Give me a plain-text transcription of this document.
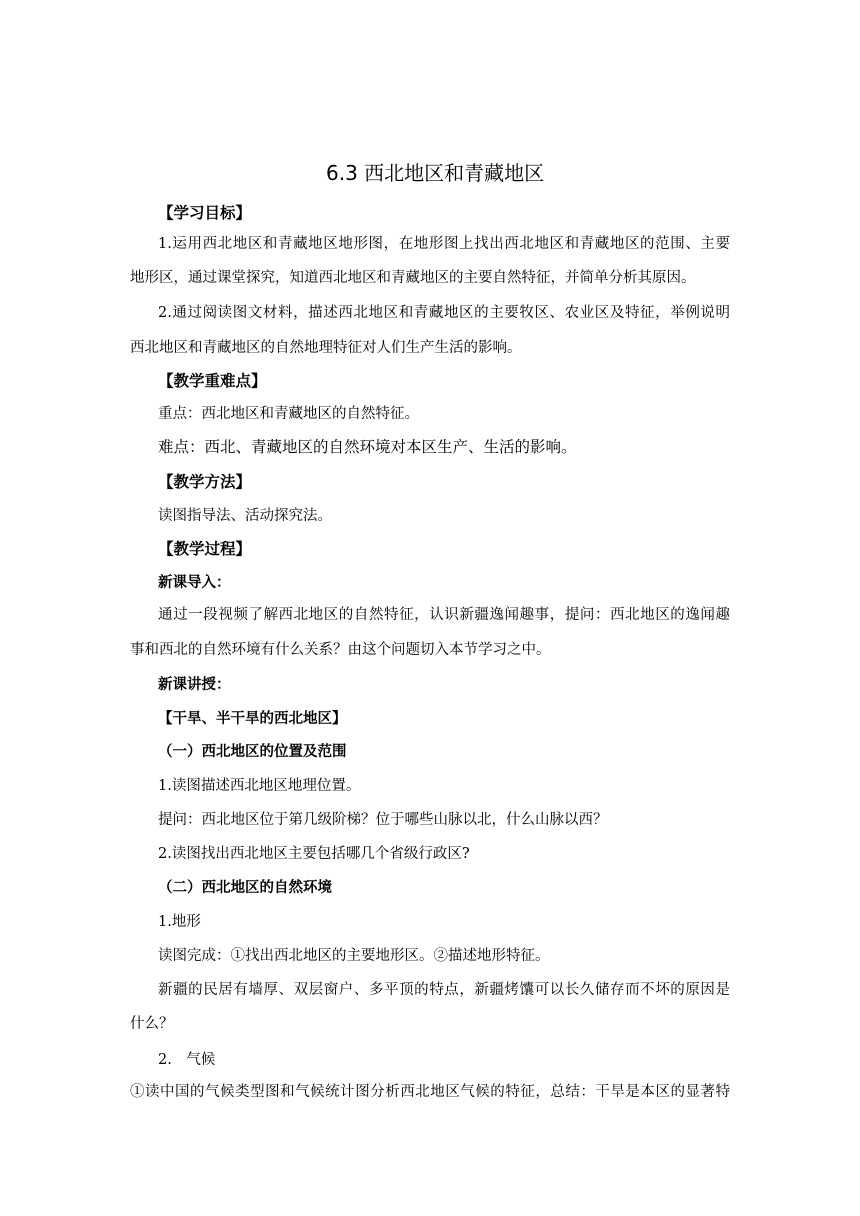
6.3 西北地区和青藏地区
【学习目标】
1.运用西北地区和青藏地区地形图，在地形图上找出西北地区和青藏地区的范围、主要
地形区，通过课堂探究，知道西北地区和青藏地区的主要自然特征，并简单分析其原因。
2.通过阅读图文材料，描述西北地区和青藏地区的主要牧区、农业区及特征，举例说明
西北地区和青藏地区的自然地理特征对人们生产生活的影响。
【教学重难点】
重点：西北地区和青藏地区的自然特征。
难点：西北、青藏地区的自然环境对本区生产、生活的影响。
【教学方法】
读图指导法、活动探究法。
【教学过程】
新课导入：
通过一段视频了解西北地区的自然特征，认识新疆逸闻趣事，提问：西北地区的逸闻趣
事和西北的自然环境有什么关系？由这个问题切入本节学习之中。
新课讲授：
【干旱、半干旱的西北地区】
（一）西北地区的位置及范围
1.读图描述西北地区地理位置。
提问：西北地区位于第几级阶梯？位于哪些山脉以北，什么山脉以西？
2.读图找出西北地区主要包括哪几个省级行政区?
（二）西北地区的自然环境
1.地形
读图完成：①找出西北地区的主要地形区。②描述地形特征。
新疆的民居有墙厚、双层窗户、多平顶的特点，新疆烤馕可以长久储存而不坏的原因是
什么？
2.　气候
①读中国的气候类型图和气候统计图分析西北地区气候的特征，总结：干旱是本区的显著特
